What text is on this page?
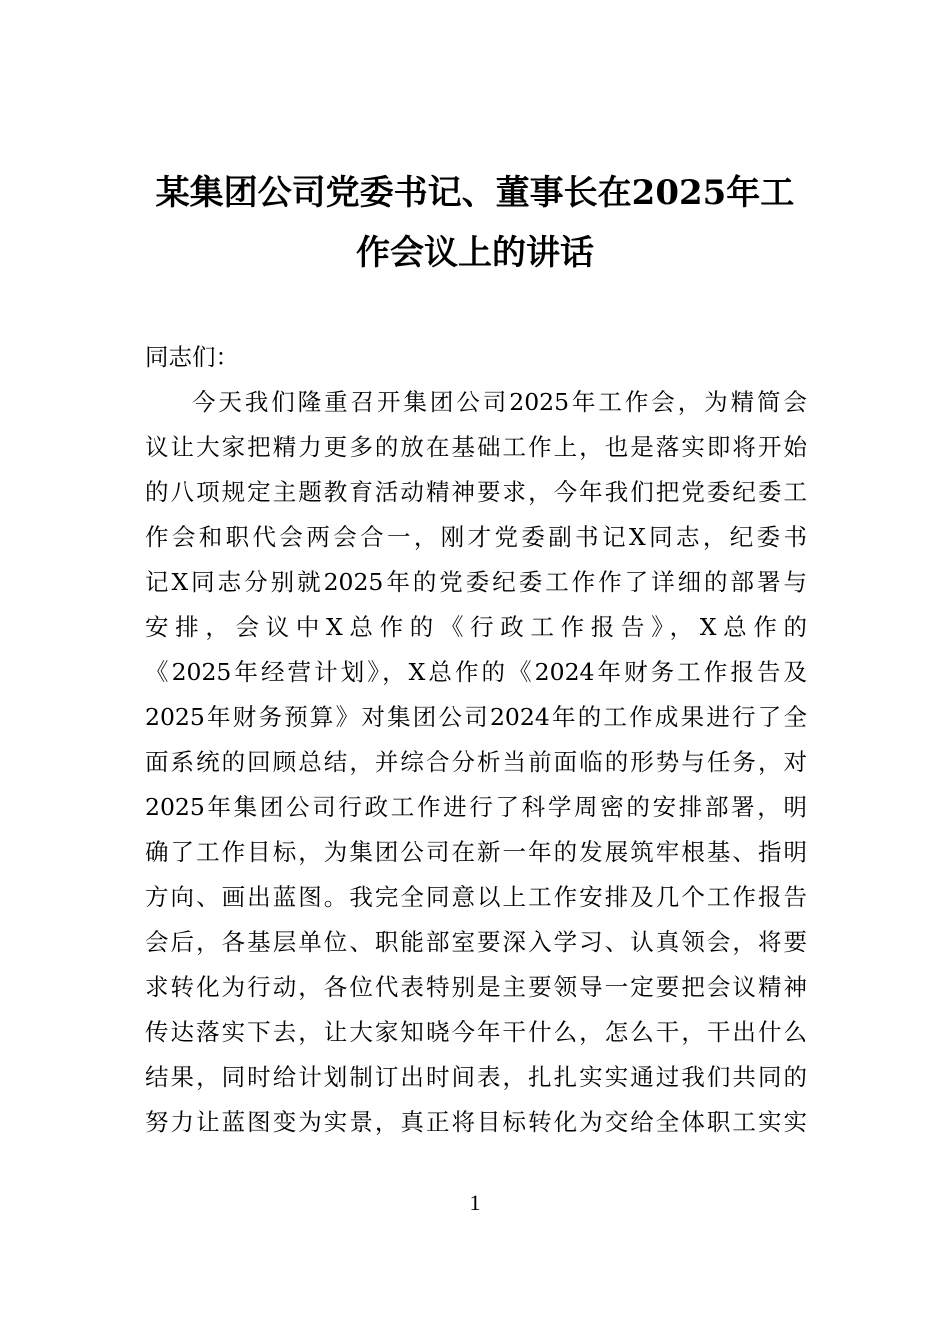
某集团公司党委书记、董事长在2025年工
作会议上的讲话

同志们：

今天我们隆重召开集团公司2025年工作会，为精简会
议让大家把精力更多的放在基础工作上，也是落实即将开始
的八项规定主题教育活动精神要求，今年我们把党委纪委工
作会和职代会两会合一，刚才党委副书记X同志，纪委书
记X同志分别就2025年的党委纪委工作作了详细的部署与
安排，会议中X总作的《行政工作报告》，X总作的
《2025年经营计划》，X总作的《2024年财务工作报告及
2025年财务预算》对集团公司2024年的工作成果进行了全
面系统的回顾总结，并综合分析当前面临的形势与任务，对
2025年集团公司行政工作进行了科学周密的安排部署，明
确了工作目标，为集团公司在新一年的发展筑牢根基、指明
方向、画出蓝图。我完全同意以上工作安排及几个工作报告
会后，各基层单位、职能部室要深入学习、认真领会，将要
求转化为行动，各位代表特别是主要领导一定要把会议精神
传达落实下去，让大家知晓今年干什么，怎么干，干出什么
结果，同时给计划制订出时间表，扎扎实实通过我们共同的
努力让蓝图变为实景，真正将目标转化为交给全体职工实实
1
